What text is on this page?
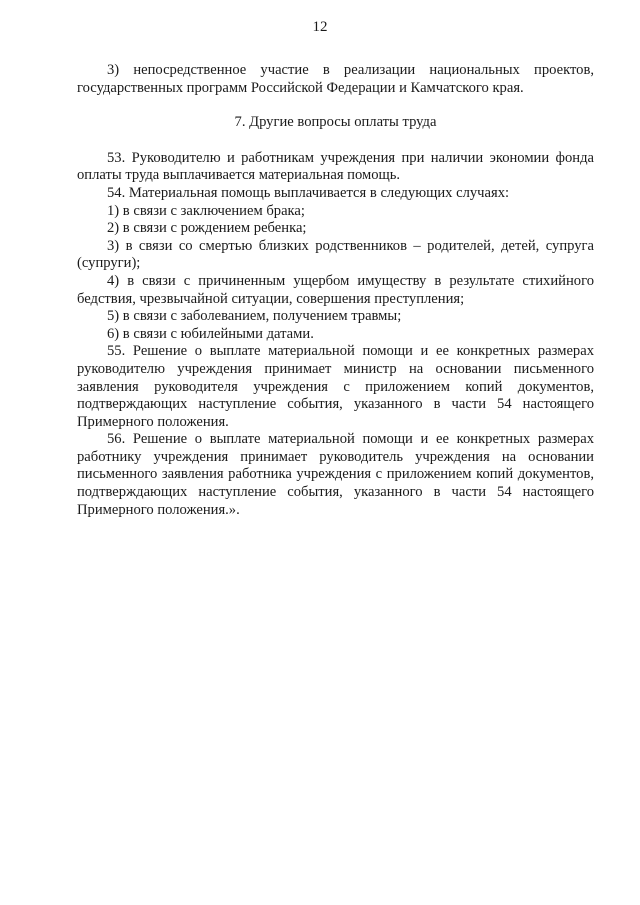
12

3) непосредственное участие в реализации национальных проектов, государственных программ Российской Федерации и Камчатского края.

7. Другие вопросы оплаты труда

53. Руководителю и работникам учреждения при наличии экономии фонда оплаты труда выплачивается материальная помощь.

54. Материальная помощь выплачивается в следующих случаях:

1) в связи с заключением брака;

2) в связи с рождением ребенка;

3) в связи со смертью близких родственников – родителей, детей, супруга (супруги);

4) в связи с причиненным ущербом имуществу в результате стихийного бедствия, чрезвычайной ситуации, совершения преступления;

5) в связи с заболеванием, получением травмы;

6) в связи с юбилейными датами.

55. Решение о выплате материальной помощи и ее конкретных размерах руководителю учреждения принимает министр на основании письменного заявления руководителя учреждения с приложением копий документов, подтверждающих наступление события, указанного в части 54 настоящего Примерного положения.

56. Решение о выплате материальной помощи и ее конкретных размерах работнику учреждения принимает руководитель учреждения на основании письменного заявления работника учреждения с приложением копий документов, подтверждающих наступление события, указанного в части 54 настоящего Примерного положения.».
